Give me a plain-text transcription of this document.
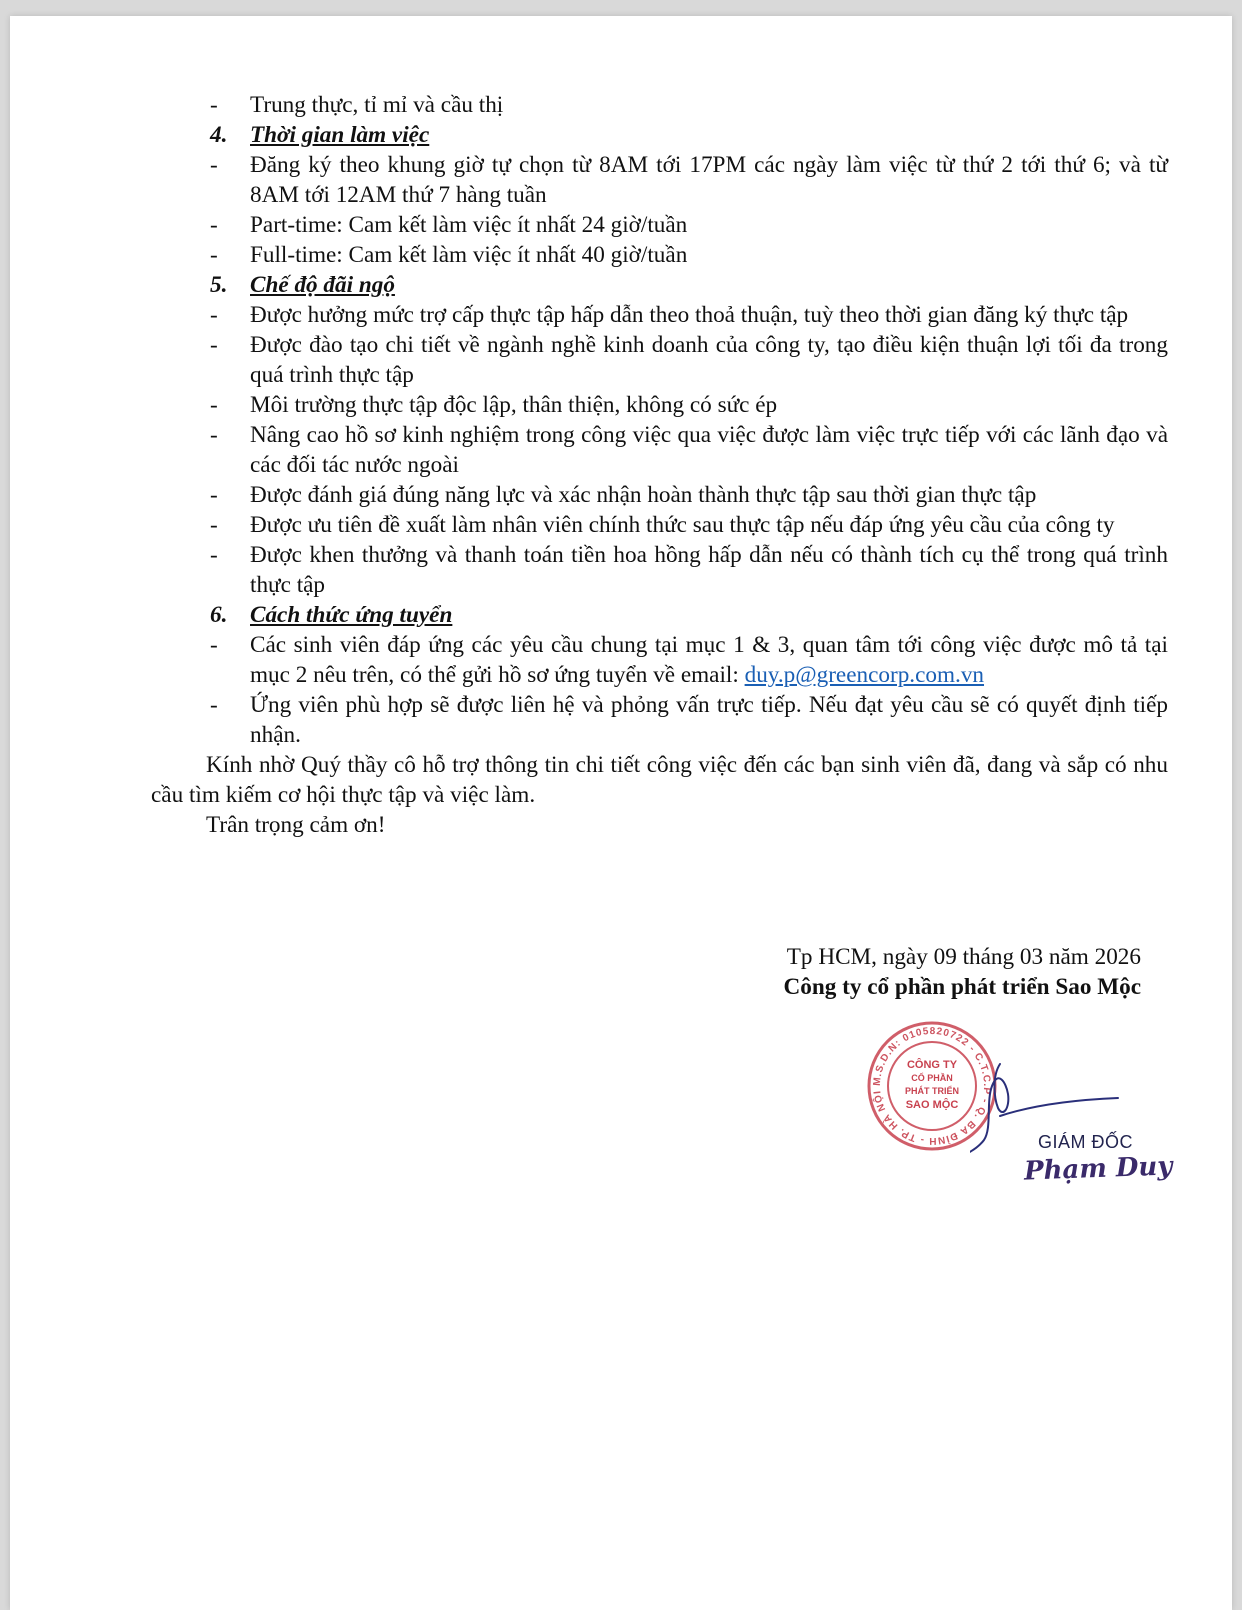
- Trung thực, tỉ mỉ và cầu thị
4. Thời gian làm việc
- Đăng ký theo khung giờ tự chọn từ 8AM tới 17PM các ngày làm việc từ thứ 2 tới thứ 6; và từ 8AM tới 12AM thứ 7 hàng tuần
- Part-time: Cam kết làm việc ít nhất 24 giờ/tuần
- Full-time: Cam kết làm việc ít nhất 40 giờ/tuần
5. Chế độ đãi ngộ
- Được hưởng mức trợ cấp thực tập hấp dẫn theo thoả thuận, tuỳ theo thời gian đăng ký thực tập
- Được đào tạo chi tiết về ngành nghề kinh doanh của công ty, tạo điều kiện thuận lợi tối đa trong quá trình thực tập
- Môi trường thực tập độc lập, thân thiện, không có sức ép
- Nâng cao hồ sơ kinh nghiệm trong công việc qua việc được làm việc trực tiếp với các lãnh đạo và các đối tác nước ngoài
- Được đánh giá đúng năng lực và xác nhận hoàn thành thực tập sau thời gian thực tập
- Được ưu tiên đề xuất làm nhân viên chính thức sau thực tập nếu đáp ứng yêu cầu của công ty
- Được khen thưởng và thanh toán tiền hoa hồng hấp dẫn nếu có thành tích cụ thể trong quá trình thực tập
6. Cách thức ứng tuyển
- Các sinh viên đáp ứng các yêu cầu chung tại mục 1 & 3, quan tâm tới công việc được mô tả tại mục 2 nêu trên, có thể gửi hồ sơ ứng tuyển về email: duy.p@greencorp.com.vn
- Ứng viên phù hợp sẽ được liên hệ và phỏng vấn trực tiếp. Nếu đạt yêu cầu sẽ có quyết định tiếp nhận.
Kính nhờ Quý thầy cô hỗ trợ thông tin chi tiết công việc đến các bạn sinh viên đã, đang và sắp có nhu cầu tìm kiếm cơ hội thực tập và việc làm.
Trân trọng cảm ơn!
Tp HCM, ngày 09 tháng 03 năm 2026
Công ty cổ phần phát triển Sao Mộc
M.S.D.N: 0105820722 - C.T.C.P - Q. BA ĐÌNH - TP. HÀ NỘI
CÔNG TY
CỔ PHẦN
PHÁT TRIỂN
SAO MỘC
GIÁM ĐỐC
Phạm Duy
